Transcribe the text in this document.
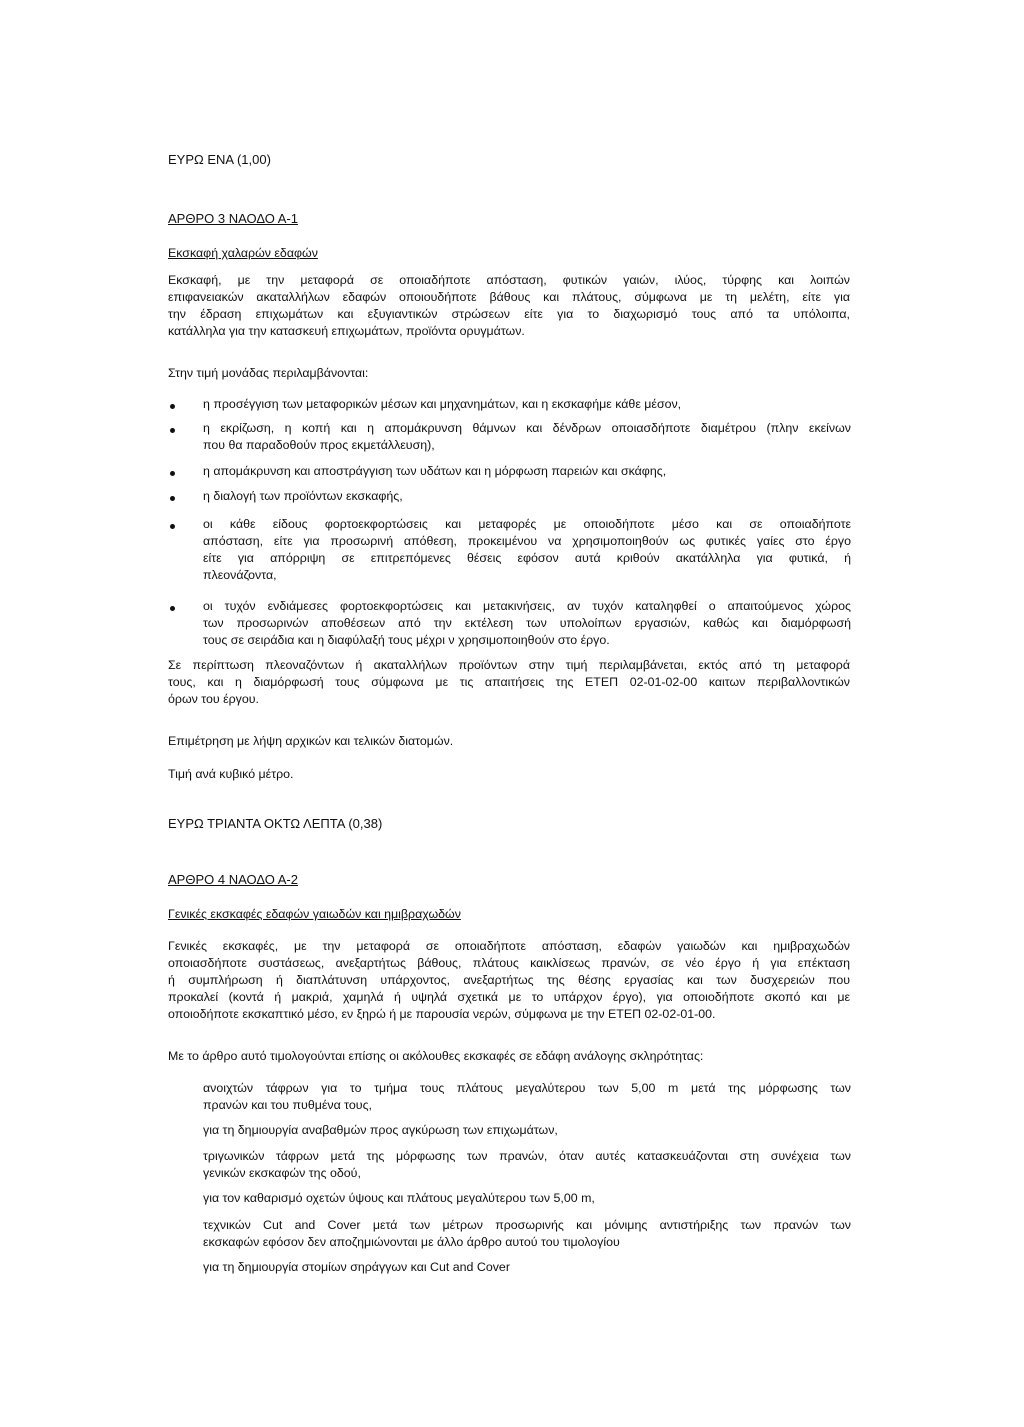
ΕΥΡΩ ΕΝΑ (1,00)
ΑΡΘΡΟ 3 ΝΑΟΔΟ Α-1
Εκσκαφή χαλαρών εδαφών
Εκσκαφή, με την μεταφορά σε οποιαδήποτε απόσταση, φυτικών γαιών, ιλύος, τύρφης και λοιπών
επιφανειακών ακαταλλήλων εδαφών οποιουδήποτε βάθους και πλάτους, σύμφωνα με τη μελέτη, είτε για
την έδραση επιχωμάτων και εξυγιαντικών στρώσεων είτε για το διαχωρισμό τους από τα υπόλοιπα,
κατάλληλα για την κατασκευή επιχωμάτων, προϊόντα ορυγμάτων.
Στην τιμή μονάδας περιλαμβάνονται:
η προσέγγιση των μεταφορικών μέσων και μηχανημάτων, και η εκσκαφήμε κάθε μέσον,
η εκρίζωση, η κοπή και η απομάκρυνση θάμνων και δένδρων οποιασδήποτε διαμέτρου (πλην εκείνων
που θα παραδοθούν προς εκμετάλλευση),
η απομάκρυνση και αποστράγγιση των υδάτων και η μόρφωση παρειών και σκάφης,
η διαλογή των προϊόντων εκσκαφής,
οι κάθε είδους φορτοεκφορτώσεις και μεταφορές με οποιοδήποτε μέσο και σε οποιαδήποτε
απόσταση, είτε για προσωρινή απόθεση, προκειμένου να χρησιμοποιηθούν ως φυτικές γαίες στο έργο
είτε για απόρριψη σε επιτρεπόμενες θέσεις εφόσον αυτά κριθούν ακατάλληλα για φυτικά, ή
πλεονάζοντα,
οι τυχόν ενδιάμεσες φορτοεκφορτώσεις και μετακινήσεις, αν τυχόν καταληφθεί ο απαιτούμενος χώρος
των προσωρινών αποθέσεων από την εκτέλεση των υπολοίπων εργασιών, καθώς και διαμόρφωσή
τους σε σειράδια και η διαφύλαξή τους μέχρι ν χρησιμοποιηθούν στο έργο.
Σε περίπτωση πλεοναζόντων ή ακαταλλήλων προϊόντων στην τιμή περιλαμβάνεται, εκτός από τη μεταφορά
τους, και η διαμόρφωσή τους σύμφωνα με τις απαιτήσεις της ΕΤΕΠ 02-01-02-00 καιτων περιβαλλοντικών
όρων του έργου.
Επιμέτρηση με λήψη αρχικών και τελικών διατομών.
Τιμή ανά κυβικό μέτρο.
ΕΥΡΩ ΤΡΙΑΝΤΑ ΟΚΤΩ ΛΕΠΤΑ (0,38)
ΑΡΘΡΟ 4 ΝΑΟΔΟ Α-2
Γενικές εκσκαφές εδαφών γαιωδών και ημιβραχωδών
Γενικές εκσκαφές, με την μεταφορά σε οποιαδήποτε απόσταση, εδαφών γαιωδών και ημιβραχωδών
οποιασδήποτε συστάσεως, ανεξαρτήτως βάθους, πλάτους καικλίσεως πρανών, σε νέο έργο ή για επέκταση
ή συμπλήρωση ή διαπλάτυνση υπάρχοντος, ανεξαρτήτως της θέσης εργασίας και των δυσχερειών που
προκαλεί (κοντά ή μακριά, χαμηλά ή υψηλά σχετικά με το υπάρχον έργο), για οποιοδήποτε σκοπό και με
οποιοδήποτε εκσκαπτικό μέσο, εν ξηρώ ή με παρουσία νερών, σύμφωνα με την ΕΤΕΠ 02-02-01-00.
Με το άρθρο αυτό τιμολογούνται επίσης οι ακόλουθες εκσκαφές σε εδάφη ανάλογης σκληρότητας:
ανοιχτών τάφρων για το τμήμα τους πλάτους μεγαλύτερου των 5,00 m μετά της μόρφωσης των
πρανών και του πυθμένα τους,
για τη δημιουργία αναβαθμών προς αγκύρωση των επιχωμάτων,
τριγωνικών τάφρων μετά της μόρφωσης των πρανών, όταν αυτές κατασκευάζονται στη συνέχεια των
γενικών εκσκαφών της οδού,
για τον καθαρισμό οχετών ύψους και πλάτους μεγαλύτερου των 5,00 m,
τεχνικών Cut and Cover μετά των μέτρων προσωρινής και μόνιμης αντιστήριξης των πρανών των
εκσκαφών εφόσον δεν αποζημιώνονται με άλλο άρθρο αυτού του τιμολογίου
για τη δημιουργία στομίων σηράγγων και Cut and Cover
